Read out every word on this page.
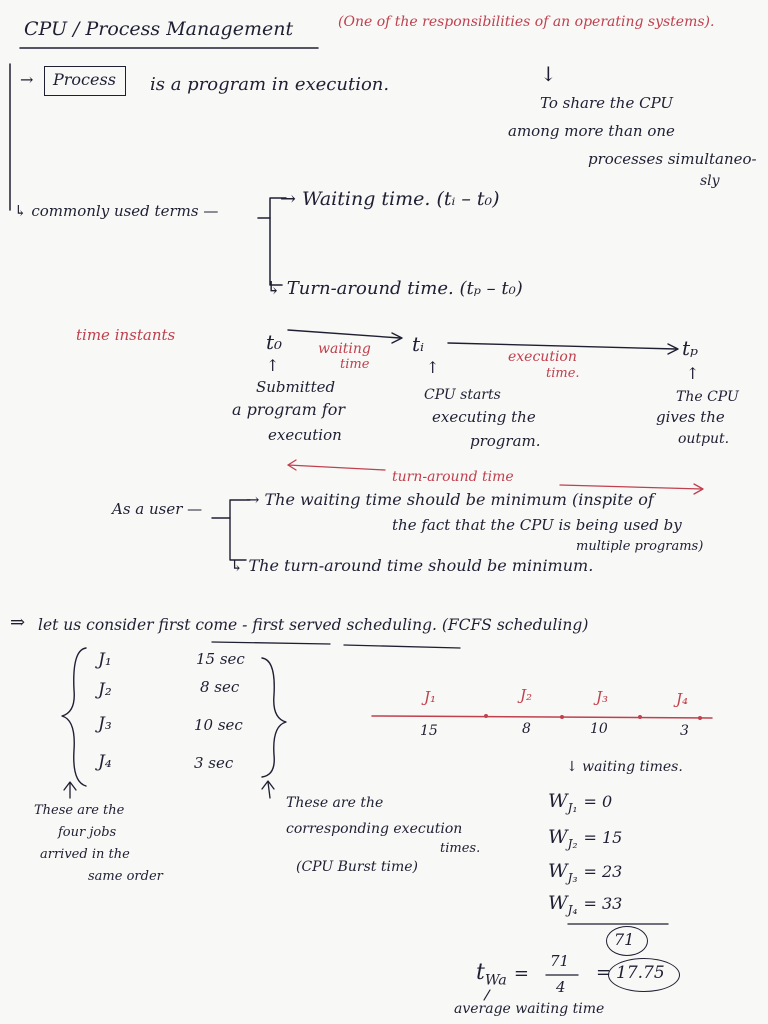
CPU / Process Management	(One of the responsibilities of an operating systems).
↓
To share the CPU
among more than one
processes simultaneo-
sly
→ Process is a program in execution.
↳ commonly used terms —
→ Waiting time. (tᵢ – t₀)
↳ Turn-around time. (tₚ – t₀)
time instants	t₀	waiting
time
tᵢ
execution
time.
tₚ
↑
Submitted
a program for
execution
↑
CPU starts
executing the
program.
↑
The CPU
gives the
output.
turn-around time
As a user —	→ The waiting time should be minimum (inspite of
the fact that the CPU is being used by
multiple programs)
↳ The turn-around time should be minimum.
⇒ let us consider first come - first served scheduling. (FCFS scheduling)
J₁	15 sec
J₂	8 sec
J₃	10 sec
J₄	3 sec
These are the
four jobs
arrived in the
same order
These are the
corresponding execution
times.
(CPU Burst time)
J₁	J₂	J₃	J₄
15	8	10	3
↓ waiting times.
$W_{J_1} = 0$
$W_{J_2} = 15$
$W_{J_3} = 23$
$W_{J_4} = 33$
71
$t_{Wa}$ =
71
4
= 17.75
average waiting time
